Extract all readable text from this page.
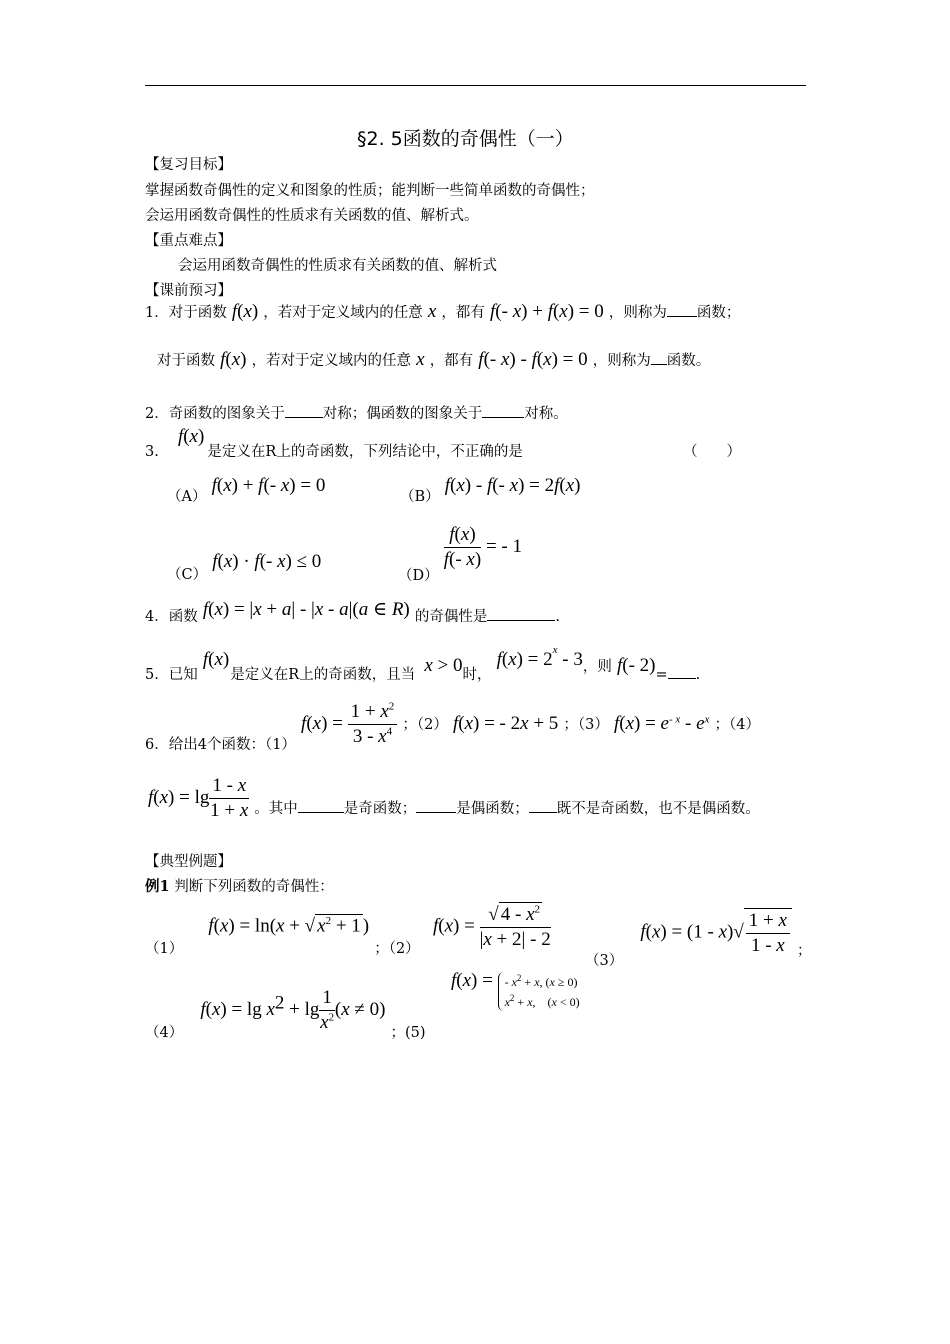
§2. 5函数的奇偶性（一）
【复习目标】
掌握函数奇偶性的定义和图象的性质；能判断一些简单函数的奇偶性；
会运用函数奇偶性的性质求有关函数的值、解析式。
【重点难点】
会运用函数奇偶性的性质求有关函数的值、解析式
【课前预习】
1．对于函数 f(x) ，若对于定义域内的任意 x ，都有 f(- x) + f(x) = 0 ，则称为 函数；
对于函数 f(x) ，若对于定义域内的任意 x ，都有 f(- x) - f(x) = 0 ，则称为 函数。
2．奇函数的图象关于	对称；偶函数的图象关于	对称。
3. f(x) 是定义在R上的奇函数，下列结论中，不正确的是	（　　）
（A） f(x) + f(- x) = 0
（B） f(x) - f(- x) = 2f(x)
（C） f(x) · f(- x) ≤ 0
（D）
$\frac{f(x)}{f(- x)}$ = - 1
4．函数 f(x) = |x + a| - |x - a|(a ∈ R) 的奇偶性是	.
5．已知 f(x) 是定义在R上的奇函数，且当 x > 0时， $f(x) = 2^x - 3$，则 f(- 2)= .
6．给出4个函数：（1） $f(x) = \frac{1 + x^2}{3 - x^4}$ ；（2） f(x) = - 2x + 5 ；（3） $f(x) = e^{- x} - e^x$ ；（4）
$f(x) = \lg \frac{1 - x}{1 + x}$ 。其中	是奇函数；	是偶函数； 既不是奇函数，也不是偶函数。
【典型例题】
例1 判断下列函数的奇偶性：
（1） f(x) = ln(x + √ $x^2 + 1$ ) ；（2）
$f(x) = \frac{√ 4 - x^2}{|x + 2| - 2}$
（3） $f(x) = (1 - x)√ \frac{1 + x}{1 - x}$ ；
（4） $f(x) = \lg x^2 + \lg \frac{1}{x^2} (x \ne 0)$ ；(5)
f(x) = - $x^2 + x$, (x ≥ 0)
$x^2 + x$,　(x < 0)
